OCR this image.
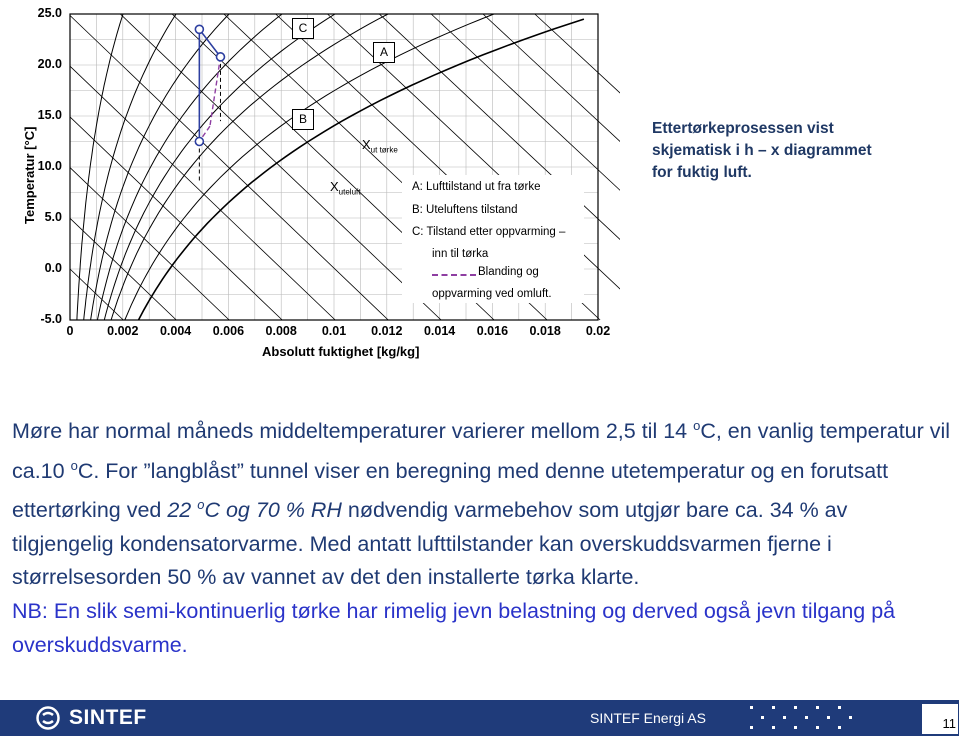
25.0
20.0
15.0
10.0
5.0
0.0
-5.0
0	0.002 0.004 0.006 0.008 0.01 0.012 0.014 0.016 0.018 0.02
Temperatur [°C]
Absolutt fuktighet [kg/kg]
C
A
B
$X_{ut tørke}$
$X_{uteluft}$	A: Lufttilstand ut fra tørke
B: Uteluftens tilstand
C: Tilstand etter oppvarming –
inn til tørka
Blanding og
oppvarming ved omluft.
Ettertørkeprosessen vist
skjematisk i h – x diagrammet
for fuktig luft.

Møre har normal måneds middeltemperaturer varierer mellom 2,5 til 14 $^o$C, en vanlig temperatur vil ca.10 $^o$C. For ”langblåst” tunnel viser en beregning med denne utetemperatur og en forutsatt ettertørking ved 22 $^o$C og 70 % RH nødvendig varmebehov som utgjør bare ca. 34 % av tilgjengelig kondensatorvarme. Med antatt lufttilstander kan overskuddsvarmen fjerne i størrelsesorden 50 % av vannet av det den installerte tørka klarte.

NB: En slik semi-kontinuerlig tørke har rimelig jevn belastning og derved også jevn tilgang på overskuddsvarme.

SINTEF	SINTEF Energi AS	11
